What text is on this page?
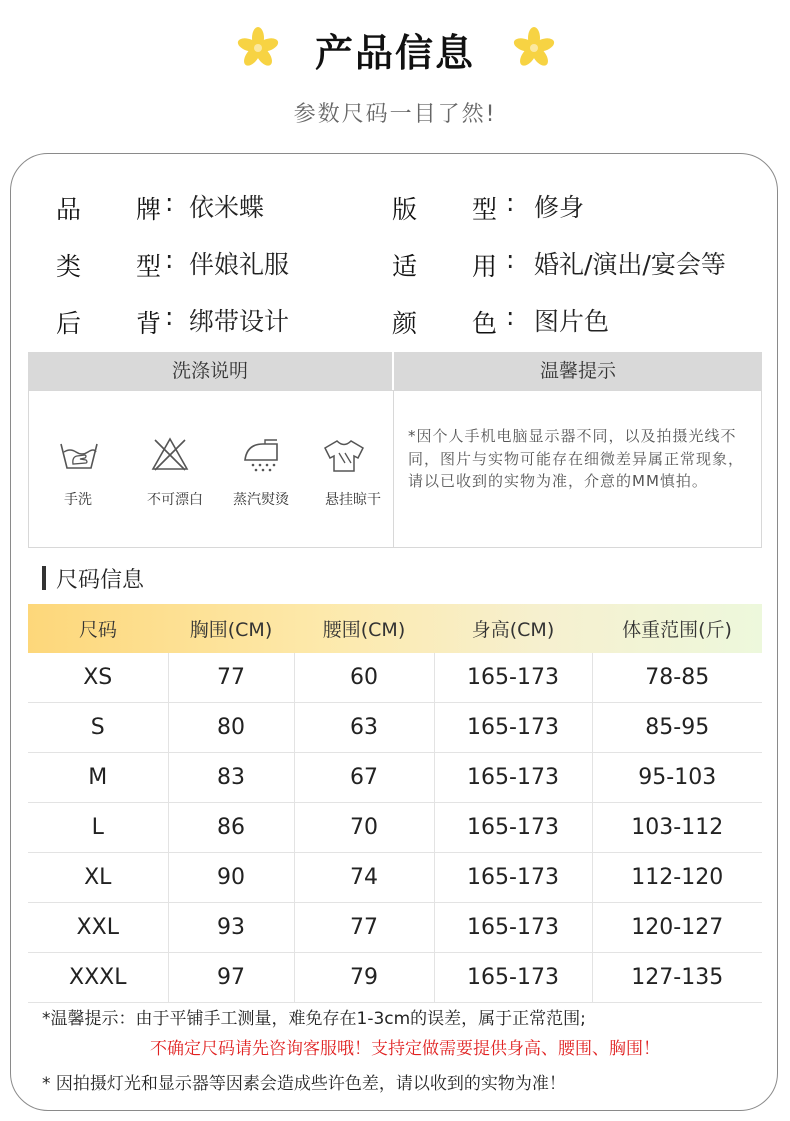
产品信息
参数尺码一目了然!
品 牌 : 依米蝶	版 型 : 修身
类 型 : 伴娘礼服	适 用 : 婚礼/演出/宴会等
后 背 : 绑带设计	颜 色 : 图片色
洗涤说明	温馨提示
手洗	不可漂白	蒸汽熨烫	悬挂晾干
*因个人手机电脑显示器不同，以及拍摄光线不同，图片与实物可能存在细微差异属正常现象，请以已收到的实物为准，介意的MM慎拍。
尺码信息
尺码	胸围(CM)	腰围(CM)	身高(CM)	体重范围(斤)
XS	77	60	165-173	78-85
S	80	63	165-173	85-95
M	83	67	165-173	95-103
L	86	70	165-173	103-112
XL	90	74	165-173	112-120
XXL	93	77	165-173	120-127
XXXL	97	79	165-173	127-135
*温馨提示：由于平铺手工测量，难免存在1-3cm的误差，属于正常范围;
不确定尺码请先咨询客服哦！支持定做需要提供身高、腰围、胸围！
* 因拍摄灯光和显示器等因素会造成些许色差，请以收到的实物为准！
